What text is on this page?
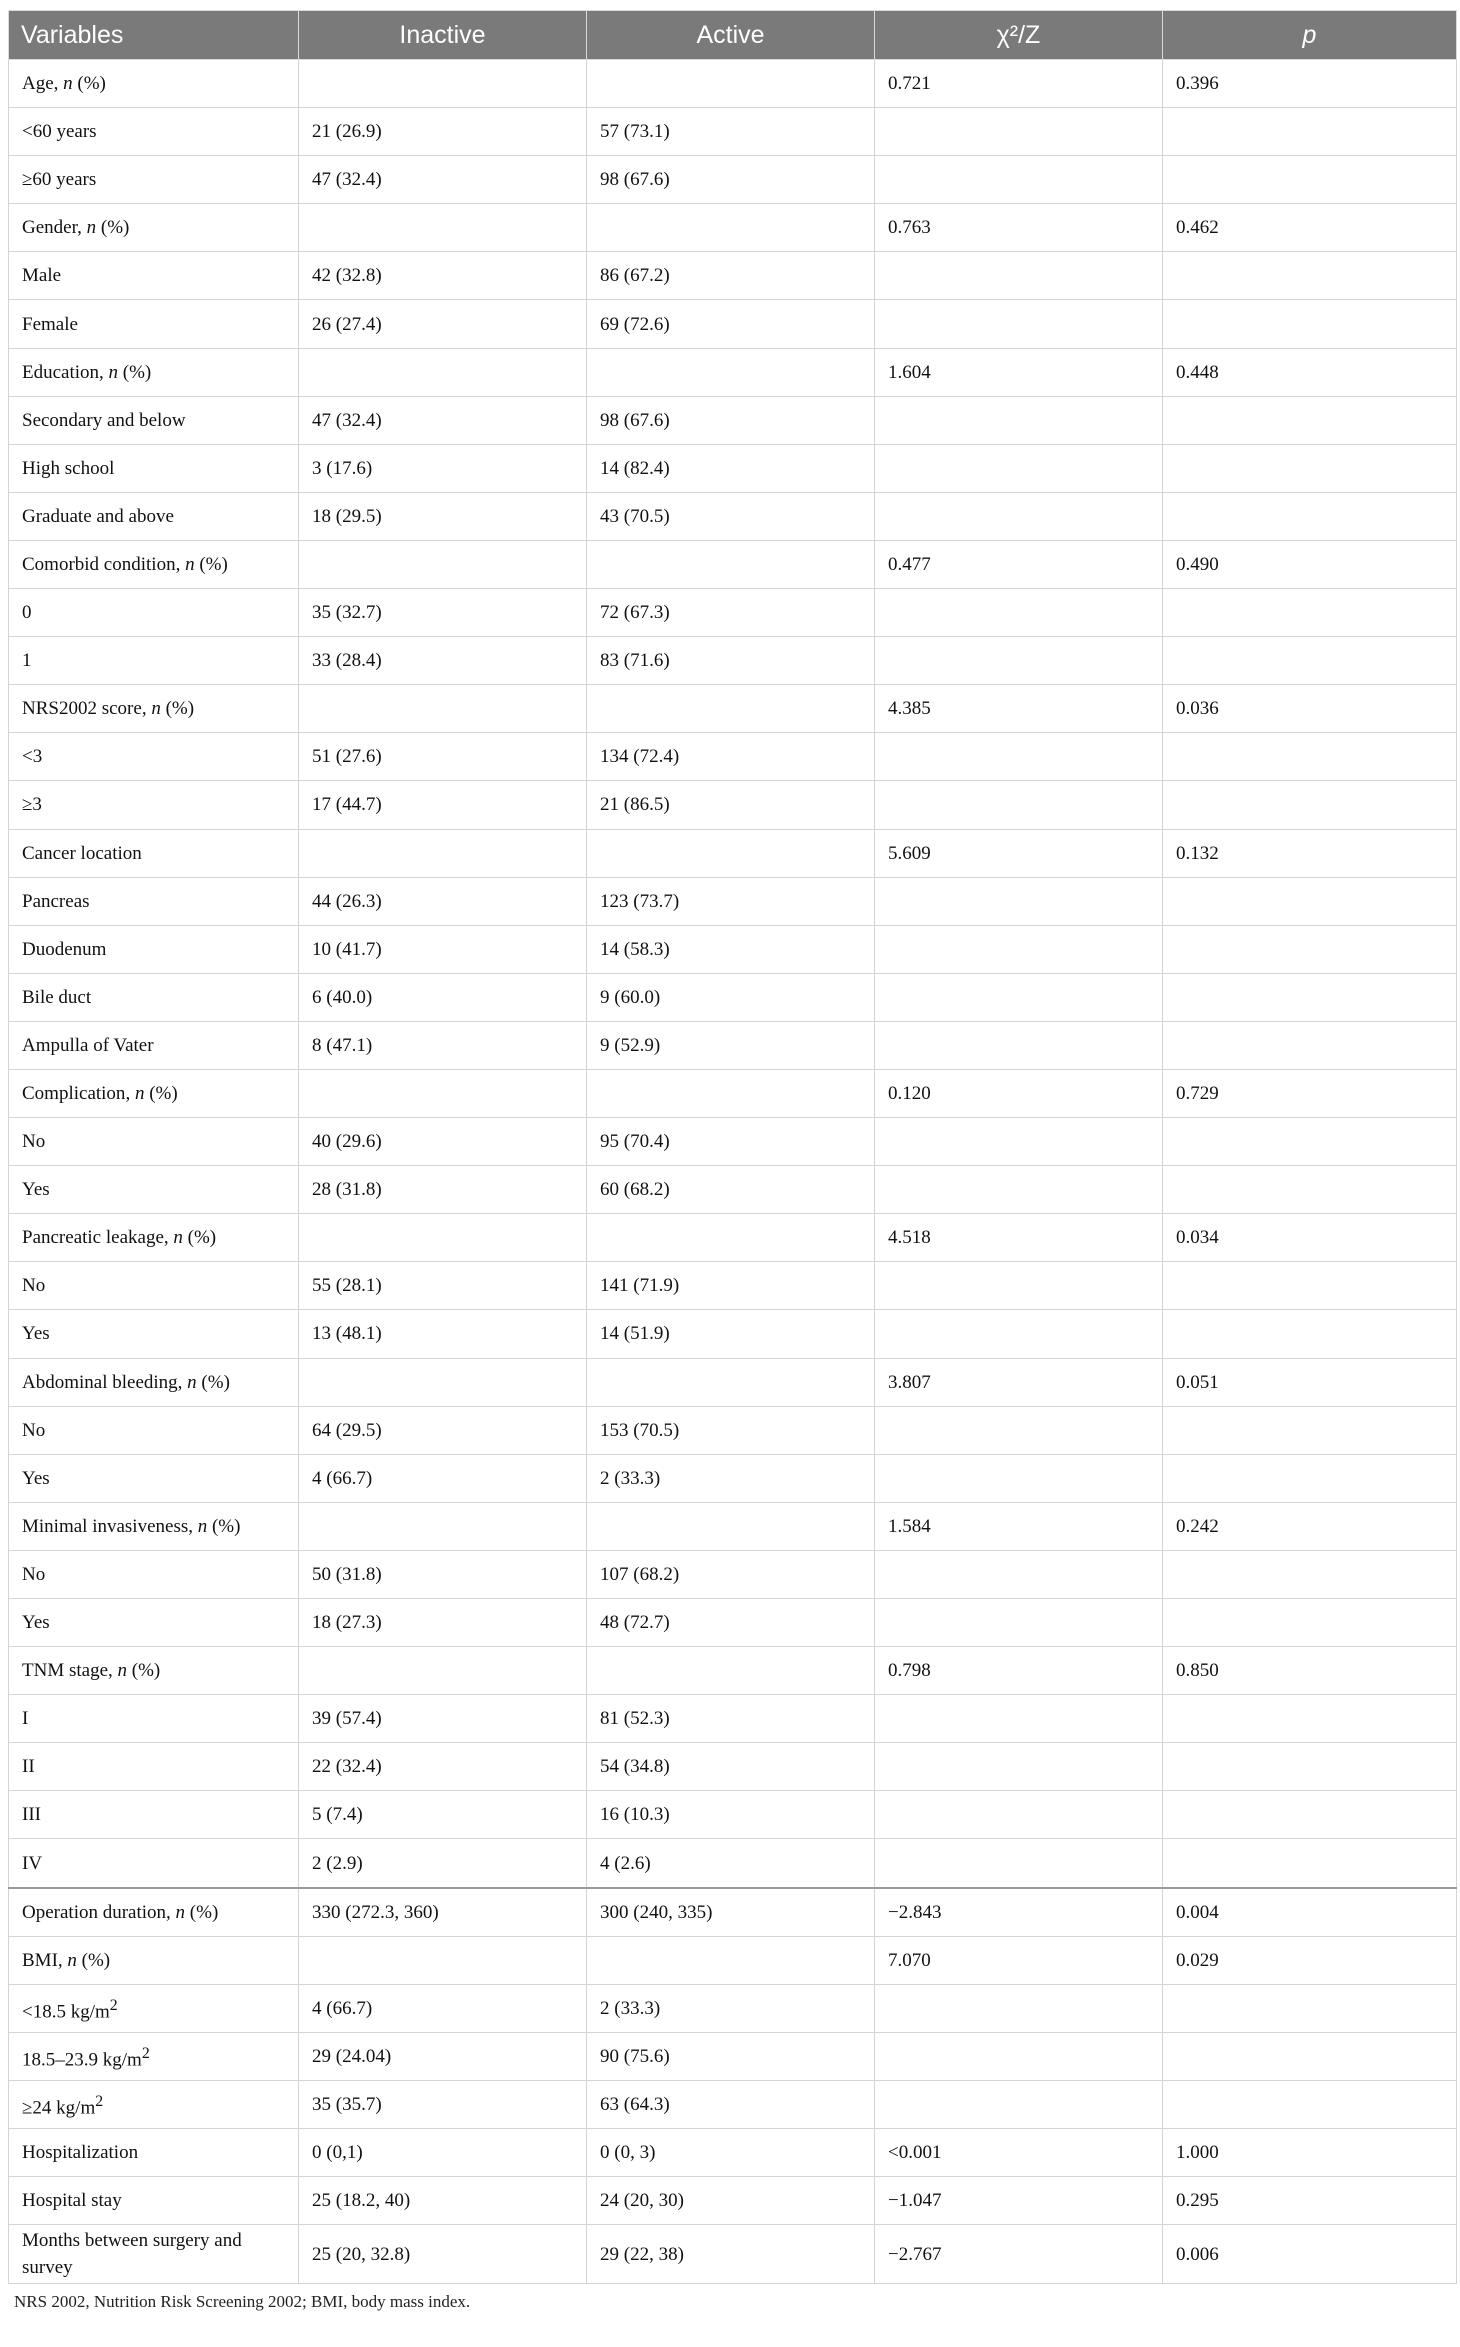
Variables	Inactive	Active	χ²/Z	p
Age, n (%)			0.721	0.396
<60 years	21 (26.9)	57 (73.1)		
≥60 years	47 (32.4)	98 (67.6)		
Gender, n (%)			0.763	0.462
Male	42 (32.8)	86 (67.2)		
Female	26 (27.4)	69 (72.6)		
Education, n (%)			1.604	0.448
Secondary and below	47 (32.4)	98 (67.6)		
High school	3 (17.6)	14 (82.4)		
Graduate and above	18 (29.5)	43 (70.5)		
Comorbid condition, n (%)			0.477	0.490
0	35 (32.7)	72 (67.3)		
1	33 (28.4)	83 (71.6)		
NRS2002 score, n (%)			4.385	0.036
<3	51 (27.6)	134 (72.4)		
≥3	17 (44.7)	21 (86.5)		
Cancer location			5.609	0.132
Pancreas	44 (26.3)	123 (73.7)		
Duodenum	10 (41.7)	14 (58.3)		
Bile duct	6 (40.0)	9 (60.0)		
Ampulla of Vater	8 (47.1)	9 (52.9)		
Complication, n (%)			0.120	0.729
No	40 (29.6)	95 (70.4)		
Yes	28 (31.8)	60 (68.2)		
Pancreatic leakage, n (%)			4.518	0.034
No	55 (28.1)	141 (71.9)		
Yes	13 (48.1)	14 (51.9)		
Abdominal bleeding, n (%)			3.807	0.051
No	64 (29.5)	153 (70.5)		
Yes	4 (66.7)	2 (33.3)		
Minimal invasiveness, n (%)			1.584	0.242
No	50 (31.8)	107 (68.2)		
Yes	18 (27.3)	48 (72.7)		
TNM stage, n (%)			0.798	0.850
I	39 (57.4)	81 (52.3)		
II	22 (32.4)	54 (34.8)		
III	5 (7.4)	16 (10.3)		
IV	2 (2.9)	4 (2.6)		
Operation duration, n (%)	330 (272.3, 360)	300 (240, 335)	−2.843	0.004
BMI, n (%)			7.070	0.029
<18.5 $kg/m^2$	4 (66.7)	2 (33.3)		
18.5–23.9 $kg/m^2$	29 (24.04)	90 (75.6)		
≥24 $kg/m^2$	35 (35.7)	63 (64.3)		
Hospitalization	0 (0,1)	0 (0, 3)	<0.001	1.000
Hospital stay	25 (18.2, 40)	24 (20, 30)	−1.047	0.295
Months between surgery and survey	25 (20, 32.8)	29 (22, 38)	−2.767	0.006
NRS 2002, Nutrition Risk Screening 2002; BMI, body mass index.
